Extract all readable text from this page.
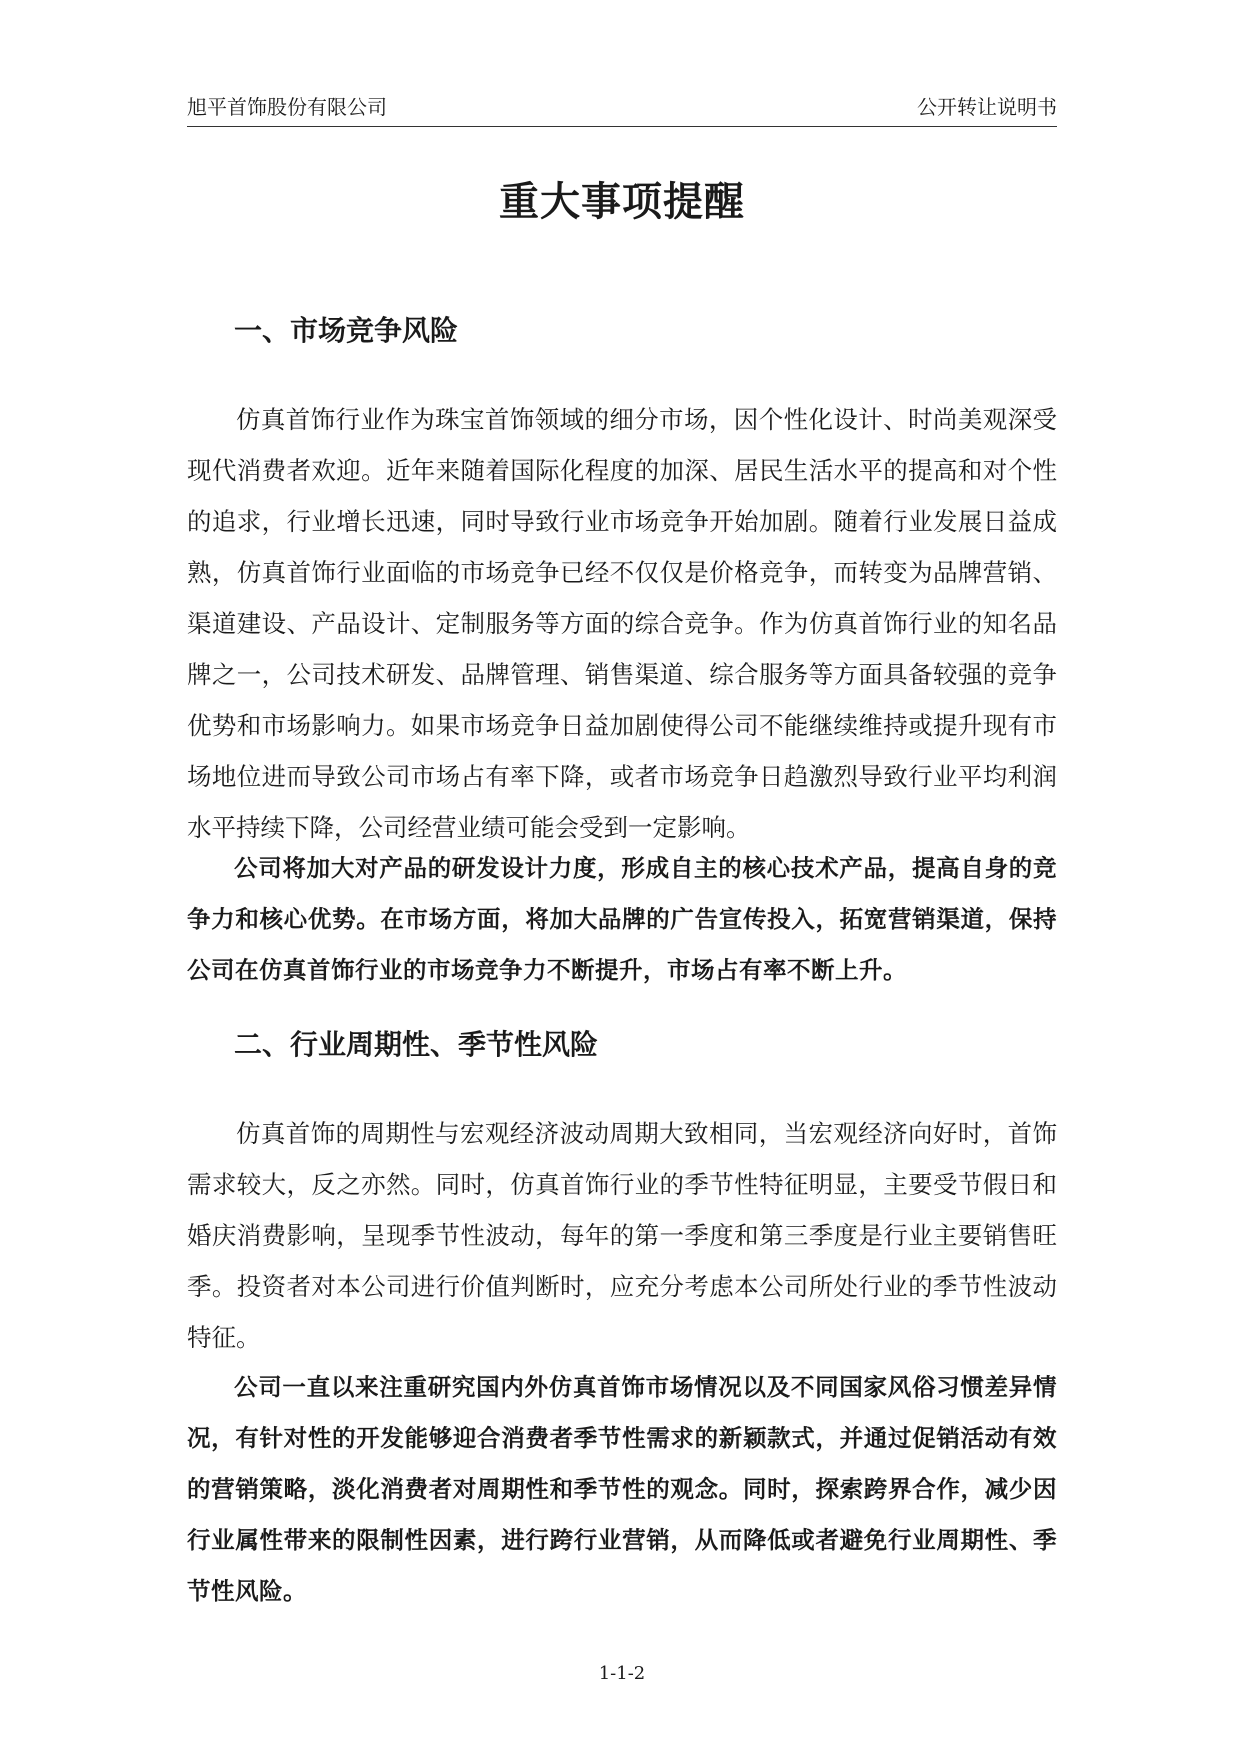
旭平首饰股份有限公司	公开转让说明书
重大事项提醒
一、市场竞争风险

仿真首饰行业作为珠宝首饰领域的细分市场，因个性化设计、时尚美观深受现代消费者欢迎。近年来随着国际化程度的加深、居民生活水平的提高和对个性的追求，行业增长迅速，同时导致行业市场竞争开始加剧。随着行业发展日益成熟，仿真首饰行业面临的市场竞争已经不仅仅是价格竞争，而转变为品牌营销、渠道建设、产品设计、定制服务等方面的综合竞争。作为仿真首饰行业的知名品牌之一，公司技术研发、品牌管理、销售渠道、综合服务等方面具备较强的竞争优势和市场影响力。如果市场竞争日益加剧使得公司不能继续维持或提升现有市场地位进而导致公司市场占有率下降，或者市场竞争日趋激烈导致行业平均利润水平持续下降，公司经营业绩可能会受到一定影响。

公司将加大对产品的研发设计力度，形成自主的核心技术产品，提高自身的竞争力和核心优势。在市场方面，将加大品牌的广告宣传投入，拓宽营销渠道，保持公司在仿真首饰行业的市场竞争力不断提升，市场占有率不断上升。

二、行业周期性、季节性风险

仿真首饰的周期性与宏观经济波动周期大致相同，当宏观经济向好时，首饰需求较大，反之亦然。同时，仿真首饰行业的季节性特征明显，主要受节假日和婚庆消费影响，呈现季节性波动，每年的第一季度和第三季度是行业主要销售旺季。投资者对本公司进行价值判断时，应充分考虑本公司所处行业的季节性波动特征。

公司一直以来注重研究国内外仿真首饰市场情况以及不同国家风俗习惯差异情况，有针对性的开发能够迎合消费者季节性需求的新颖款式，并通过促销活动有效的营销策略，淡化消费者对周期性和季节性的观念。同时，探索跨界合作，减少因行业属性带来的限制性因素，进行跨行业营销，从而降低或者避免行业周期性、季节性风险。

1-1-2
